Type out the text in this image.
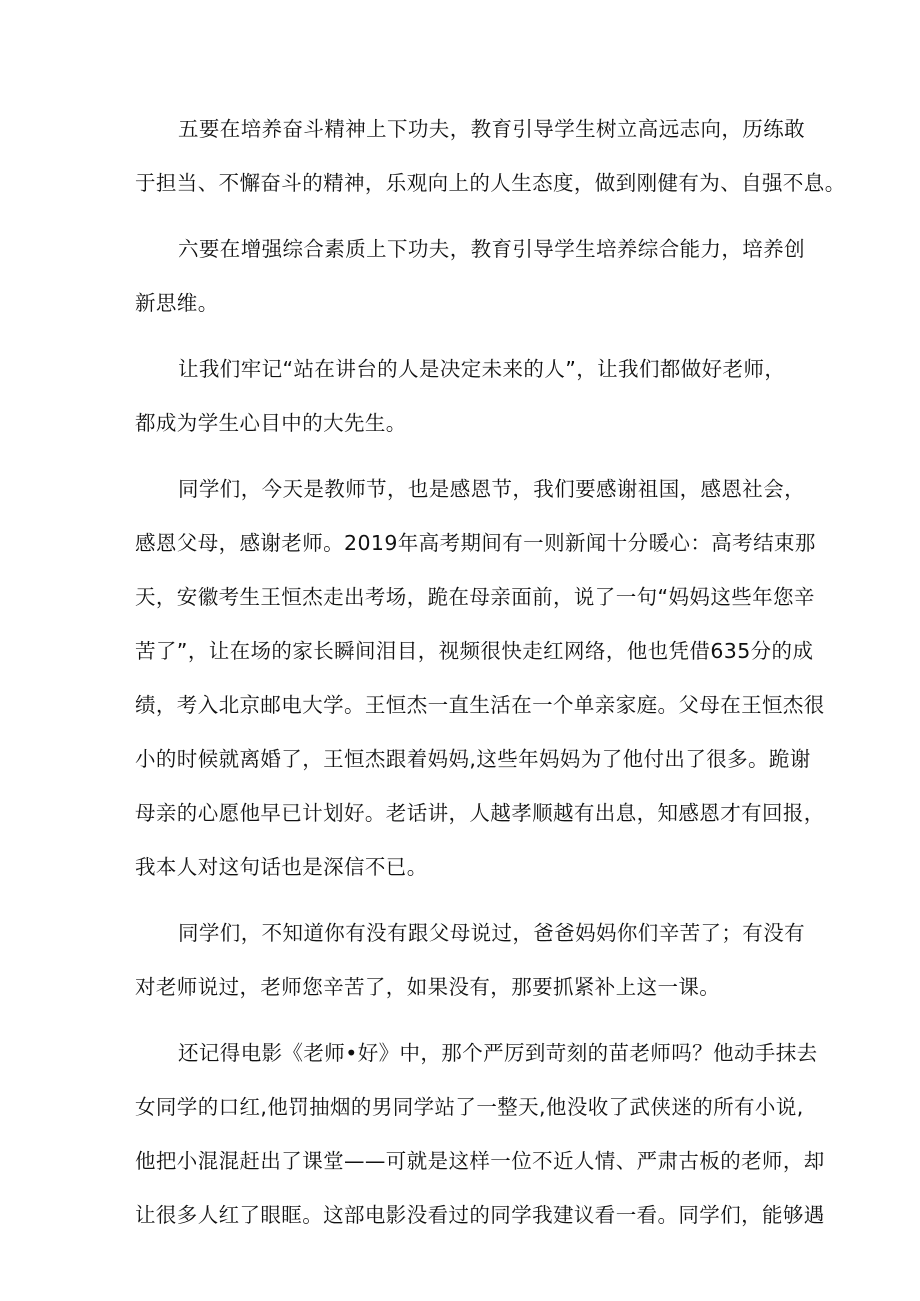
五要在培养奋斗精神上下功夫，教育引导学生树立高远志向，历练敢
于担当、不懈奋斗的精神，乐观向上的人生态度，做到刚健有为、自强不息。
六要在增强综合素质上下功夫，教育引导学生培养综合能力，培养创
新思维。
让我们牢记“站在讲台的人是决定未来的人”，让我们都做好老师，
都成为学生心目中的大先生。
同学们，今天是教师节，也是感恩节，我们要感谢祖国，感恩社会，
感恩父母，感谢老师。2019年高考期间有一则新闻十分暖心：高考结束那
天，安徽考生王恒杰走出考场，跪在母亲面前，说了一句“妈妈这些年您辛
苦了”，让在场的家长瞬间泪目，视频很快走红网络，他也凭借635分的成
绩，考入北京邮电大学。王恒杰一直生活在一个单亲家庭。父母在王恒杰很
小的时候就离婚了，王恒杰跟着妈妈,这些年妈妈为了他付出了很多。跪谢
母亲的心愿他早已计划好。老话讲，人越孝顺越有出息，知感恩才有回报，
我本人对这句话也是深信不已。
同学们，不知道你有没有跟父母说过，爸爸妈妈你们辛苦了；有没有
对老师说过，老师您辛苦了，如果没有，那要抓紧补上这一课。
还记得电影《老师•好》中，那个严厉到苛刻的苗老师吗？他动手抹去
女同学的口红,他罚抽烟的男同学站了一整天,他没收了武侠迷的所有小说,
他把小混混赶出了课堂——可就是这样一位不近人情、严肃古板的老师，却
让很多人红了眼眶。这部电影没看过的同学我建议看一看。同学们，能够遇
